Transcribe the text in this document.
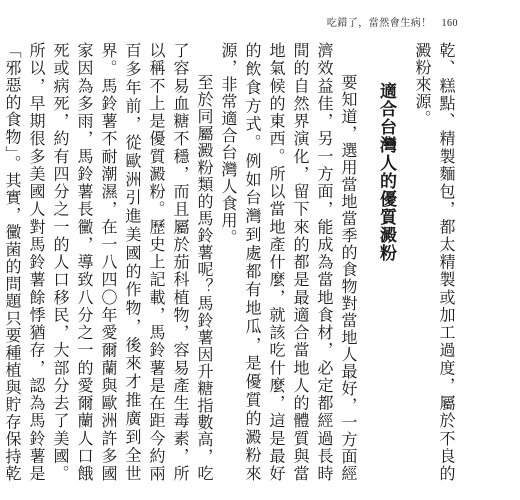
吃錯了，當然會生病！ 160

乾、糕點、精製麵包，都太精製或加工過度，屬於不良的澱粉來源。

適合台灣人的優質澱粉

要知道，選用當地當季的食物對當地人最好，一方面經濟效益佳，另一方面，能成為當地食材，必定都經過長時間的自然界演化，留下來的都是最適合當地人的體質與當地氣候的東西。所以當地產什麼，就該吃什麼，這是最好的飲食方式。例如台灣到處都有地瓜，是優質的澱粉來源，非常適合台灣人食用。

至於同屬澱粉類的馬鈴薯呢？馬鈴薯因升糖指數高，吃了容易血糖不穩，而且屬於茄科植物，容易產生毒素，所以稱不上是優質澱粉。歷史上記載，馬鈴薯是在距今約兩百多年前，從歐洲引進美國的作物，後來才推廣到全世界。馬鈴薯不耐潮濕，在一八四〇年愛爾蘭與歐洲許多國家因為多雨，馬鈴薯長黴，導致八分之一的愛爾蘭人口餓死或病死，約有四分之一的人口移民，大部分去了美國。所以，早期很多美國人對馬鈴薯餘悸猶存，認為馬鈴薯是「邪惡的食物」。其實，黴菌的問題只要種植與貯存保持乾
